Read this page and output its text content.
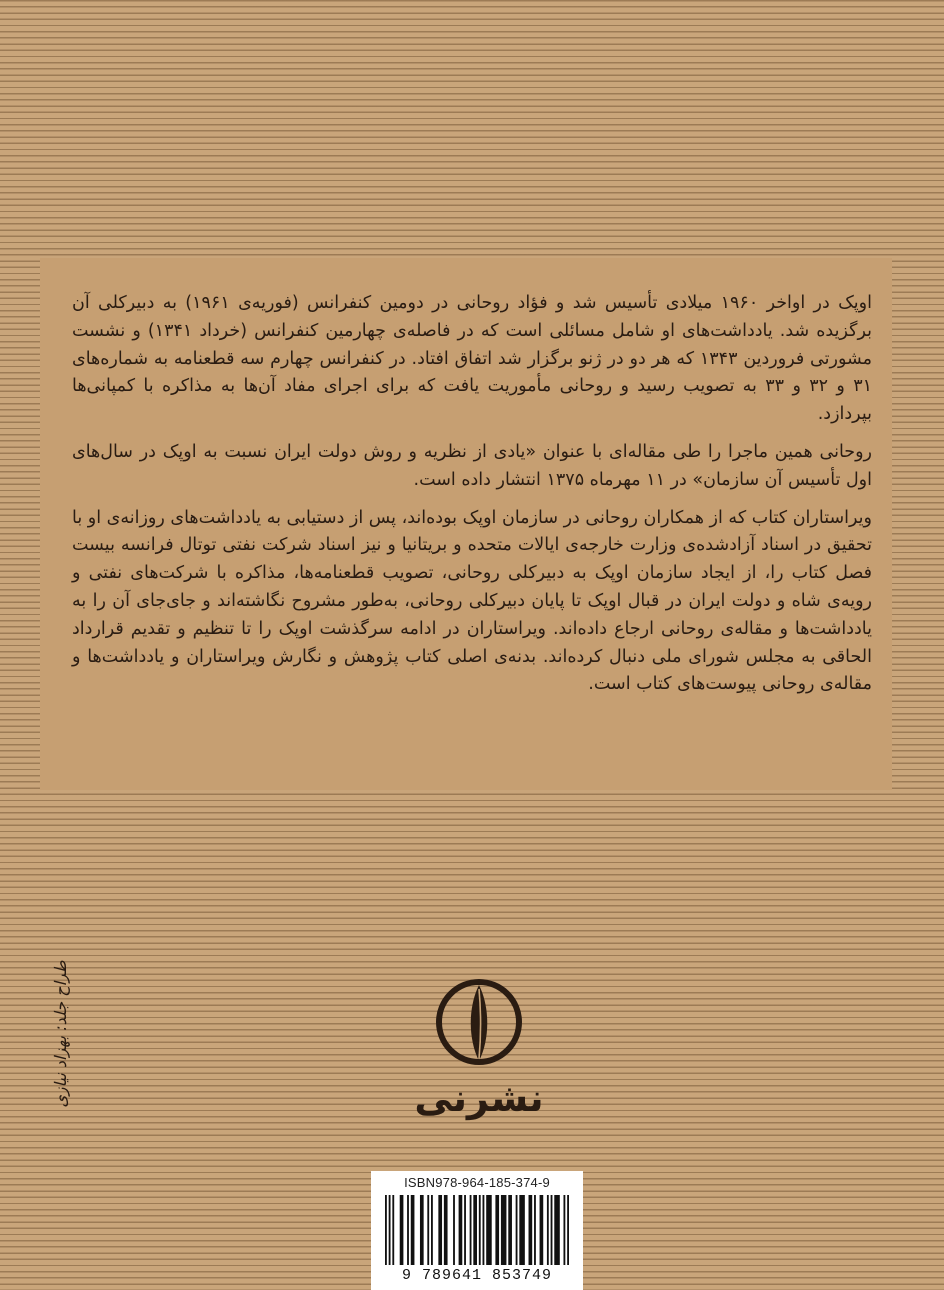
اوپک در اواخر ۱۹۶۰ میلادی تأسیس شد و فؤاد روحانی در دومین کنفرانس (فوریه‌ی ۱۹۶۱) به دبیرکلی آن برگزیده شد. یادداشت‌های او شامل مسائلی است که در فاصله‌ی چهارمین کنفرانس (خرداد ۱۳۴۱) و نشست مشورتی فروردین ۱۳۴۳ که هر دو در ژنو برگزار شد اتفاق افتاد. در کنفرانس چهارم سه قطعنامه به شماره‌های ۳۱ و ۳۲ و ۳۳ به تصویب رسید و روحانی مأموریت یافت که برای اجرای مفاد آن‌ها به مذاکره با کمپانی‌ها بپردازد.

روحانی همین ماجرا را طی مقاله‌ای با عنوان «یادی از نظریه و روش دولت ایران نسبت به اوپک در سال‌های اول تأسیس آن سازمان» در ۱۱ مهرماه ۱۳۷۵ انتشار داده است.

ویراستاران کتاب که از همکاران روحانی در سازمان اوپک بوده‌اند، پس از دستیابی به یادداشت‌های روزانه‌ی او با تحقیق در اسناد آزادشده‌ی وزارت خارجه‌ی ایالات متحده و بریتانیا و نیز اسناد شرکت نفتی توتال فرانسه بیست فصل کتاب را، از ایجاد سازمان اوپک به دبیرکلی روحانی، تصویب قطعنامه‌ها، مذاکره با شرکت‌های نفتی و رویه‌ی شاه و دولت ایران در قبال اوپک تا پایان دبیرکلی روحانی، به‌طور مشروح نگاشته‌اند و جای‌جای آن را به یادداشت‌ها و مقاله‌ی روحانی ارجاع داده‌اند. ویراستاران در ادامه سرگذشت اوپک را تا تنظیم و تقدیم قرارداد الحاقی به مجلس شورای ملی دنبال کرده‌اند. بدنه‌ی اصلی کتاب پژوهش و نگارش ویراستاران و یادداشت‌ها و مقاله‌ی روحانی پیوست‌های کتاب است.

نشرنی
طراح جلد: بهزاد نیازی
ISBN978-964-185-374-9
9 789641 853749
